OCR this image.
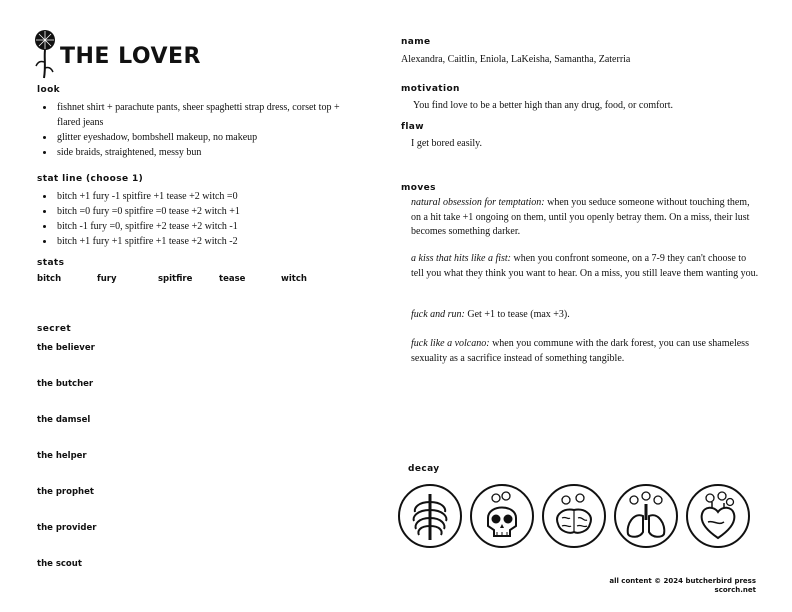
THE LOVER
look
• fishnet shirt + parachute pants, sheer spaghetti strap dress, corset top + flared jeans
• glitter eyeshadow, bombshell makeup, no makeup
• side braids, straightened, messy bun
stat line (choose 1)
• bitch +1 fury -1 spitfire +1 tease +2 witch =0
• bitch =0 fury =0 spitfire =0 tease +2 witch +1
• bitch -1 fury =0, spitfire +2 tease +2 witch -1
• bitch +1 fury +1 spitfire +1 tease +2 witch -2
stats
bitch	fury	spitfire	tease	witch
secret
the believer
the butcher
the damsel
the helper
the prophet
the provider
the scout
name
Alexandra, Caitlin, Eniola, LaKeisha, Samantha, Zaterria
motivation
You find love to be a better high than any drug, food, or comfort.
flaw
I get bored easily.
moves
natural obsession for temptation: when you seduce someone without touching them, on a hit take +1 ongoing on them, until you openly betray them. On a miss, their lust becomes something darker.
a kiss that hits like a fist: when you confront someone, on a 7-9 they can't choose to tell you what they think you want to hear. On a miss, you still leave them wanting you.
fuck and run: Get +1 to tease (max +3).
fuck like a volcano: when you commune with the dark forest, you can use shameless sexuality as a sacrifice instead of something tangible.
decay
all content © 2024 butcherbird press
scorch.net
